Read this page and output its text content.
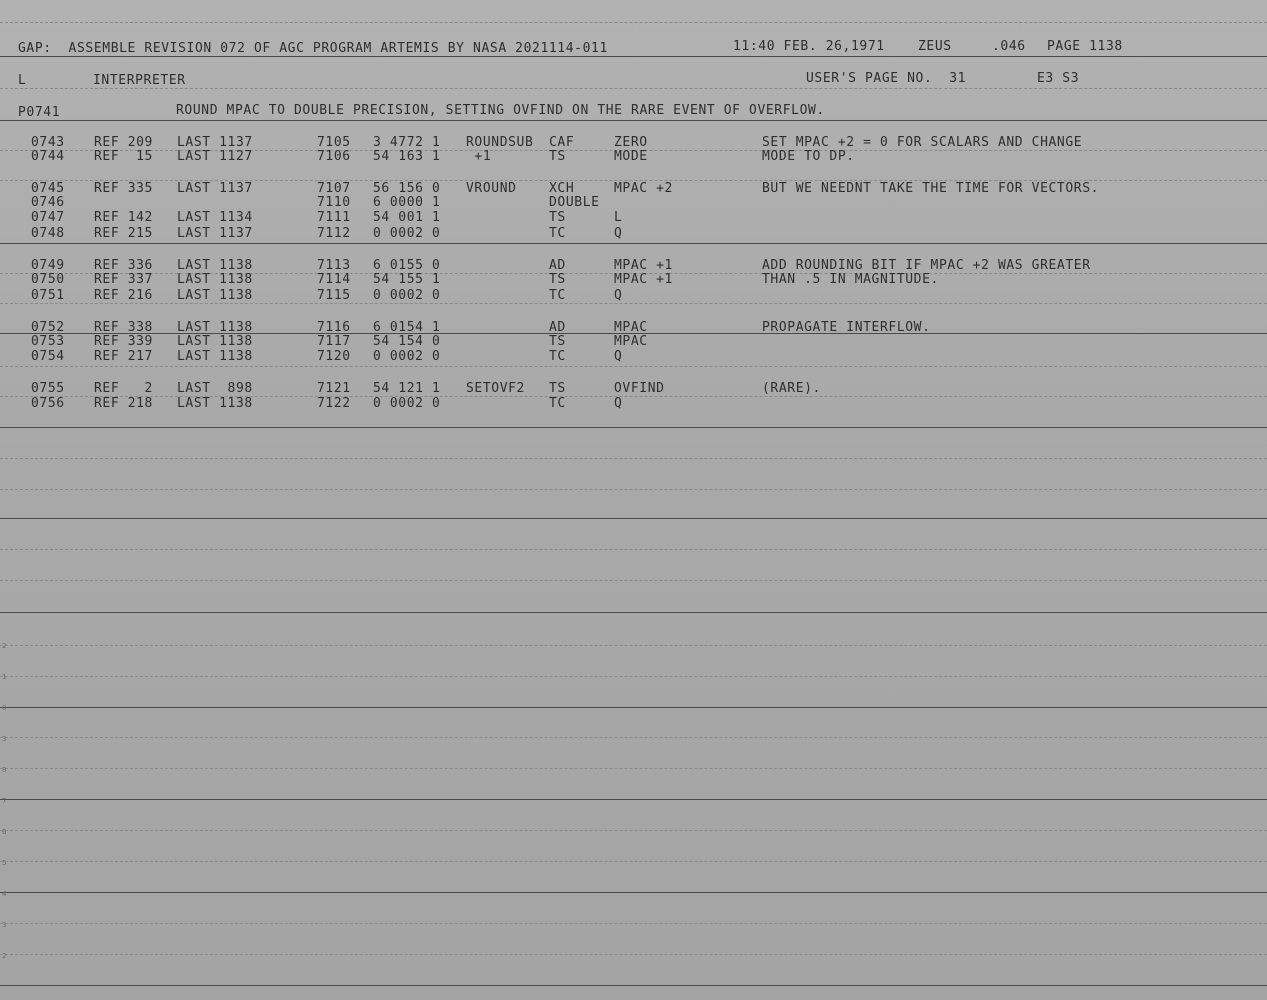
GAP:  ASSEMBLE REVISION 072 OF AGC PROGRAM ARTEMIS BY NASA 2021114-011	11:40 FEB. 26,1971	ZEUS	.046 PAGE 1138
L	INTERPRETER	USER'S PAGE NO.  31	E3 S3
P0741	ROUND MPAC TO DOUBLE PRECISION, SETTING OVFIND ON THE RARE EVENT OF OVERFLOW.
0743 REF 209 LAST 1137	7105 3 4772 1 ROUNDSUB CAF	ZERO	SET MPAC +2 = 0 FOR SCALARS AND CHANGE
0744 REF  15 LAST 1127	7106 54 163 1 +1	TS	MODE	MODE TO DP.
0745 REF 335 LAST 1137	7107 56 156 0 VROUND XCH	MPAC +2	BUT WE NEEDNT TAKE THE TIME FOR VECTORS.
0746	7110 6 0000 1	DOUBLE
0747 REF 142 LAST 1134	7111 54 001 1	TS	L
0748 REF 215 LAST 1137	7112 0 0002 0	TC	Q
0749 REF 336 LAST 1138	7113 6 0155 0	AD	MPAC +1	ADD ROUNDING BIT IF MPAC +2 WAS GREATER
0750 REF 337 LAST 1138	7114 54 155 1	TS	MPAC +1	THAN .5 IN MAGNITUDE.
0751 REF 216 LAST 1138	7115 0 0002 0	TC	Q
0752 REF 338 LAST 1138	7116 6 0154 1	AD	MPAC	PROPAGATE INTERFLOW.
0753 REF 339 LAST 1138	7117 54 154 0	TS	MPAC
0754 REF 217 LAST 1138	7120 0 0002 0	TC	Q
0755 REF   2 LAST  898	7121 54 121 1 SETOVF2 TS	OVFIND	(RARE).
0756 REF 218 LAST 1138	7122 0 0002 0	TC	Q
2
1
0
3
8
7
6
5
4
3
2
